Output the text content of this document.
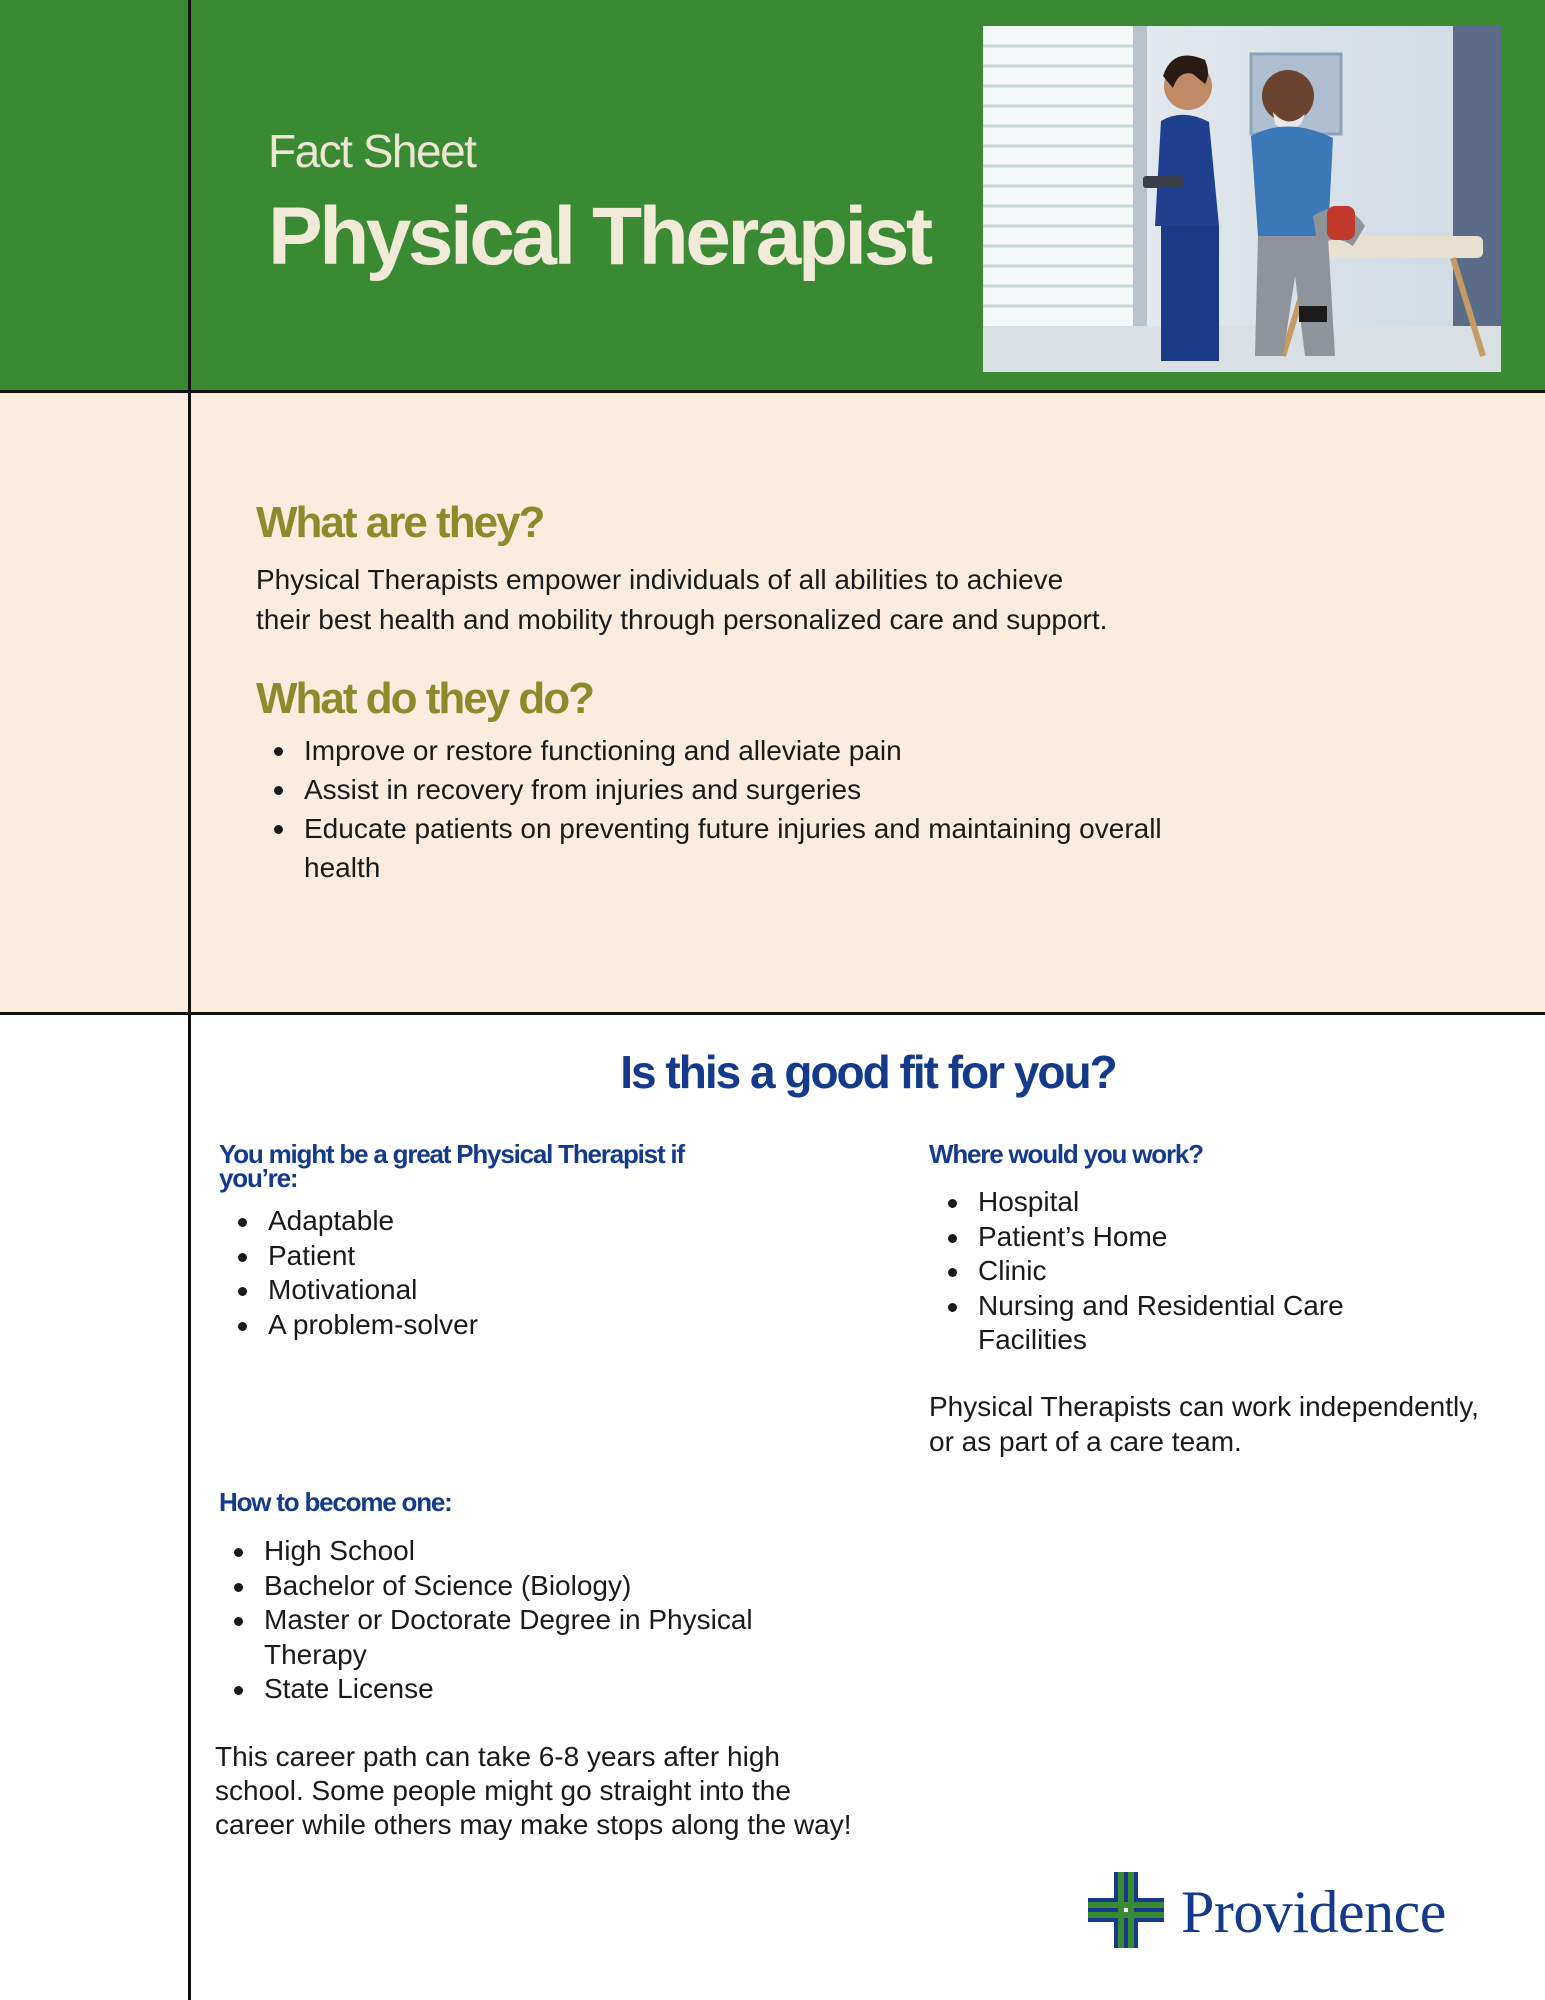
Fact Sheet
Physical Therapist
What are they?
Physical Therapists empower individuals of all abilities to achieve
their best health and mobility through personalized care and support.
What do they do?
Improve or restore functioning and alleviate pain
Assist in recovery from injuries and surgeries
Educate patients on preventing future injuries and maintaining overall health
Is this a good fit for you?
You might be a great Physical Therapist if you’re:
Adaptable
Patient
Motivational
A problem-solver
Where would you work?
Hospital
Patient’s Home
Clinic
Nursing and Residential Care Facilities
Physical Therapists can work independently, or as part of a care team.
How to become one:
High School
Bachelor of Science (Biology)
Master or Doctorate Degree in Physical Therapy
State License
This career path can take 6-8 years after high school. Some people might go straight into the career while others may make stops along the way!
Providence
